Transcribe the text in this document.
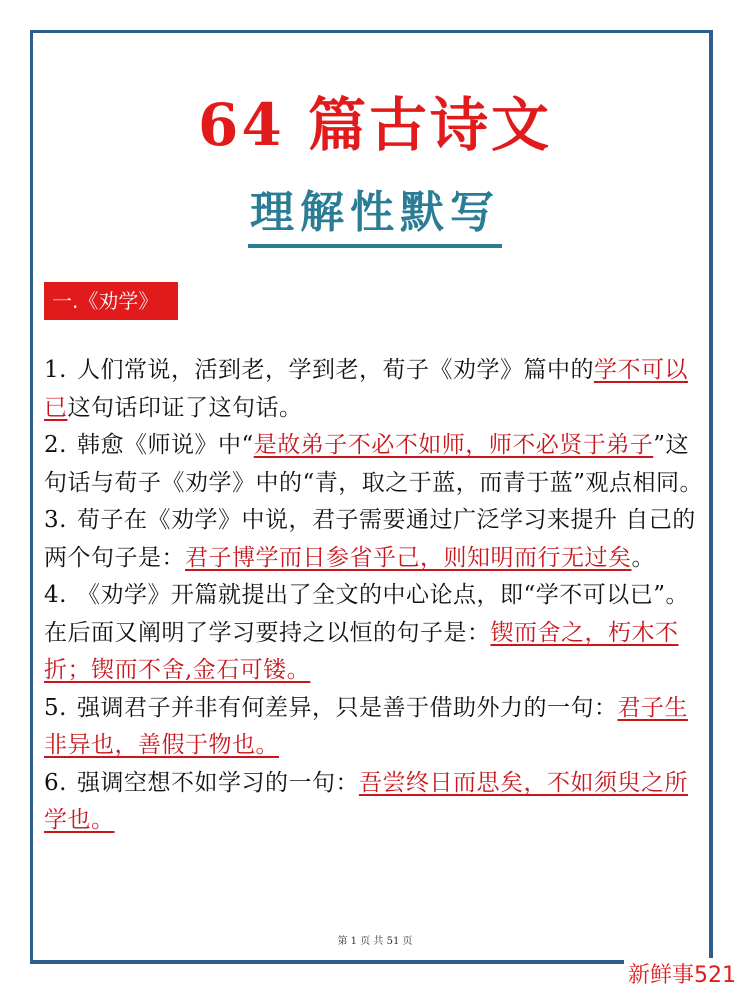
64 篇古诗文
理解性默写
一.《劝学》

1. 人们常说，活到老，学到老，荀子《劝学》篇中的学不可以已这句话印证了这句话。

2. 韩愈《师说》中“是故弟子不必不如师，师不必贤于弟子”这句话与荀子《劝学》中的“青，取之于蓝，而青于蓝”观点相同。

3. 荀子在《劝学》中说，君子需要通过广泛学习来提升 自己的两个句子是：君子博学而日参省乎己，则知明而行无过矣。

4. 《劝学》开篇就提出了全文的中心论点，即“学不可以已”。在后面又阐明了学习要持之以恒的句子是：锲而舍之，朽木不折；锲而不舍,金石可镂。

5. 强调君子并非有何差异，只是善于借助外力的一句：君子生非异也，善假于物也。

6. 强调空想不如学习的一句：吾尝终日而思矣，不如须臾之所学也。

第 1 页 共 51 页
新鲜事521
